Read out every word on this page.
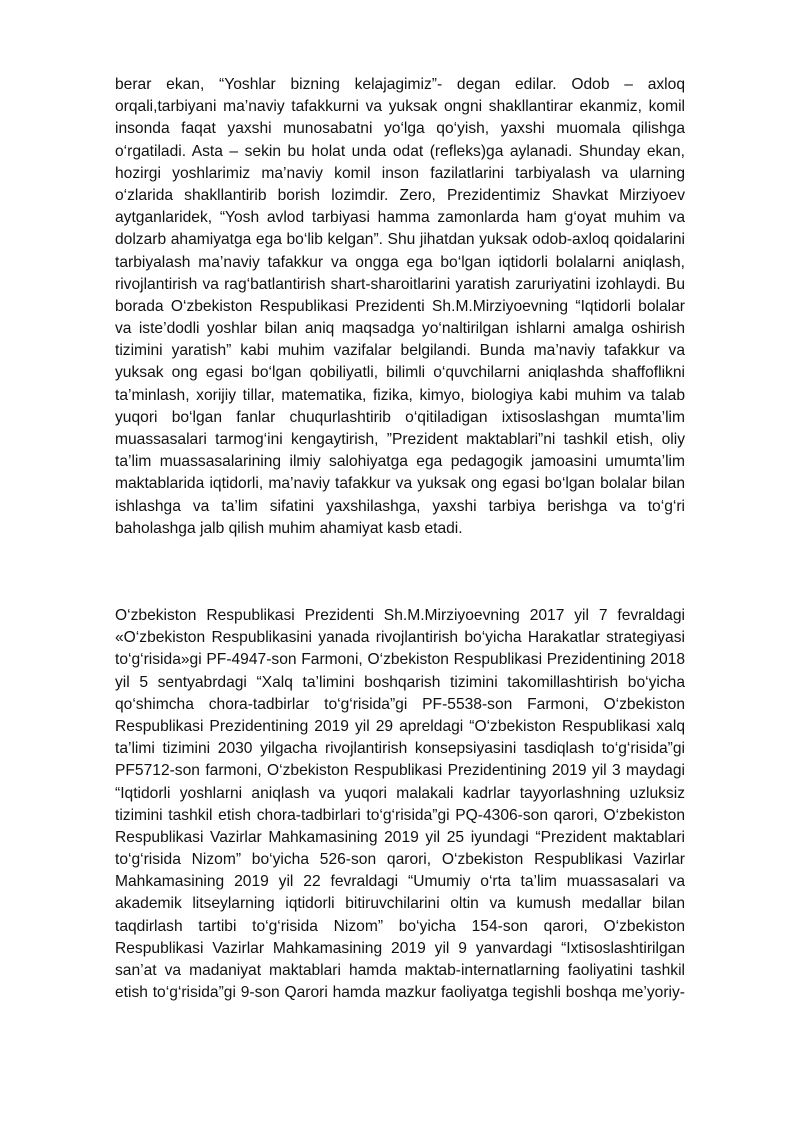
berar ekan, “Yoshlar bizning kelajagimiz”- degan edilar. Odob – axloq
orqali,tarbiyani ma’naviy tafakkurni va yuksak ongni shakllantirar ekanmiz, komil
insonda faqat yaxshi munosabatni yo‘lga qo‘yish, yaxshi muomala qilishga
o‘rgatiladi. Asta – sekin bu holat unda odat (refleks)ga aylanadi. Shunday ekan,
hozirgi yoshlarimiz ma’naviy komil inson fazilatlarini tarbiyalash va ularning
o‘zlarida shakllantirib borish lozimdir. Zero, Prezidentimiz Shavkat Mirziyoev
aytganlaridek, “Yosh avlod tarbiyasi hamma zamonlarda ham g‘oyat muhim va
dolzarb ahamiyatga ega bo‘lib kelgan”. Shu jihatdan yuksak odob-axloq qoidalarini
tarbiyalash ma’naviy tafakkur va ongga ega bo‘lgan iqtidorli bolalarni aniqlash,
rivojlantirish va rag‘batlantirish shart-sharoitlarini yaratish zaruriyatini izohlaydi. Bu
borada O‘zbekiston Respublikasi Prezidenti Sh.M.Mirziyoevning “Iqtidorli bolalar
va iste’dodli yoshlar bilan aniq maqsadga yo‘naltirilgan ishlarni amalga oshirish
tizimini yaratish” kabi muhim vazifalar belgilandi. Bunda ma’naviy tafakkur va
yuksak ong egasi bo‘lgan qobiliyatli, bilimli o‘quvchilarni aniqlashda shaffoflikni
ta’minlash, xorijiy tillar, matematika, fizika, kimyo, biologiya kabi muhim va talab
yuqori bo‘lgan fanlar chuqurlashtirib o‘qitiladigan ixtisoslashgan mumta’lim
muassasalari tarmog‘ini kengaytirish, ”Prezident maktablari”ni tashkil etish, oliy
ta’lim muassasalarining ilmiy salohiyatga ega pedagogik jamoasini umumta’lim
maktablarida iqtidorli, ma’naviy tafakkur va yuksak ong egasi bo‘lgan bolalar bilan
ishlashga va ta’lim sifatini yaxshilashga, yaxshi tarbiya berishga va to‘g‘ri
baholashga jalb qilish muhim ahamiyat kasb etadi.
O‘zbekiston Respublikasi Prezidenti Sh.M.Mirziyoevning 2017 yil 7 fevraldagi
«O‘zbekiston Respublikasini yanada rivojlantirish bo‘yicha Harakatlar strategiyasi
to‘g‘risida»gi PF-4947-son Farmoni, O‘zbekiston Respublikasi Prezidentining 2018
yil 5 sentyabrdagi “Xalq ta’limini boshqarish tizimini takomillashtirish bo‘yicha
qo‘shimcha chora-tadbirlar to‘g‘risida”gi PF-5538-son Farmoni, O‘zbekiston
Respublikasi Prezidentining 2019 yil 29 apreldagi “O‘zbekiston Respublikasi xalq
ta’limi tizimini 2030 yilgacha rivojlantirish konsepsiyasini tasdiqlash to‘g‘risida”gi
PF5712-son farmoni, O‘zbekiston Respublikasi Prezidentining 2019 yil 3 maydagi
“Iqtidorli yoshlarni aniqlash va yuqori malakali kadrlar tayyorlashning uzluksiz
tizimini tashkil etish chora-tadbirlari to‘g‘risida”gi PQ-4306-son qarori, O‘zbekiston
Respublikasi Vazirlar Mahkamasining 2019 yil 25 iyundagi “Prezident maktablari
to‘g‘risida Nizom” bo‘yicha 526-son qarori, O‘zbekiston Respublikasi Vazirlar
Mahkamasining 2019 yil 22 fevraldagi “Umumiy o‘rta ta’lim muassasalari va
akademik litseylarning iqtidorli bitiruvchilarini oltin va kumush medallar bilan
taqdirlash tartibi to‘g‘risida Nizom” bo‘yicha 154-son qarori, O‘zbekiston
Respublikasi Vazirlar Mahkamasining 2019 yil 9 yanvardagi “Ixtisoslashtirilgan
san’at va madaniyat maktablari hamda maktab-internatlarning faoliyatini tashkil
etish to‘g‘risida”gi 9-son Qarori hamda mazkur faoliyatga tegishli boshqa me’yoriy-
